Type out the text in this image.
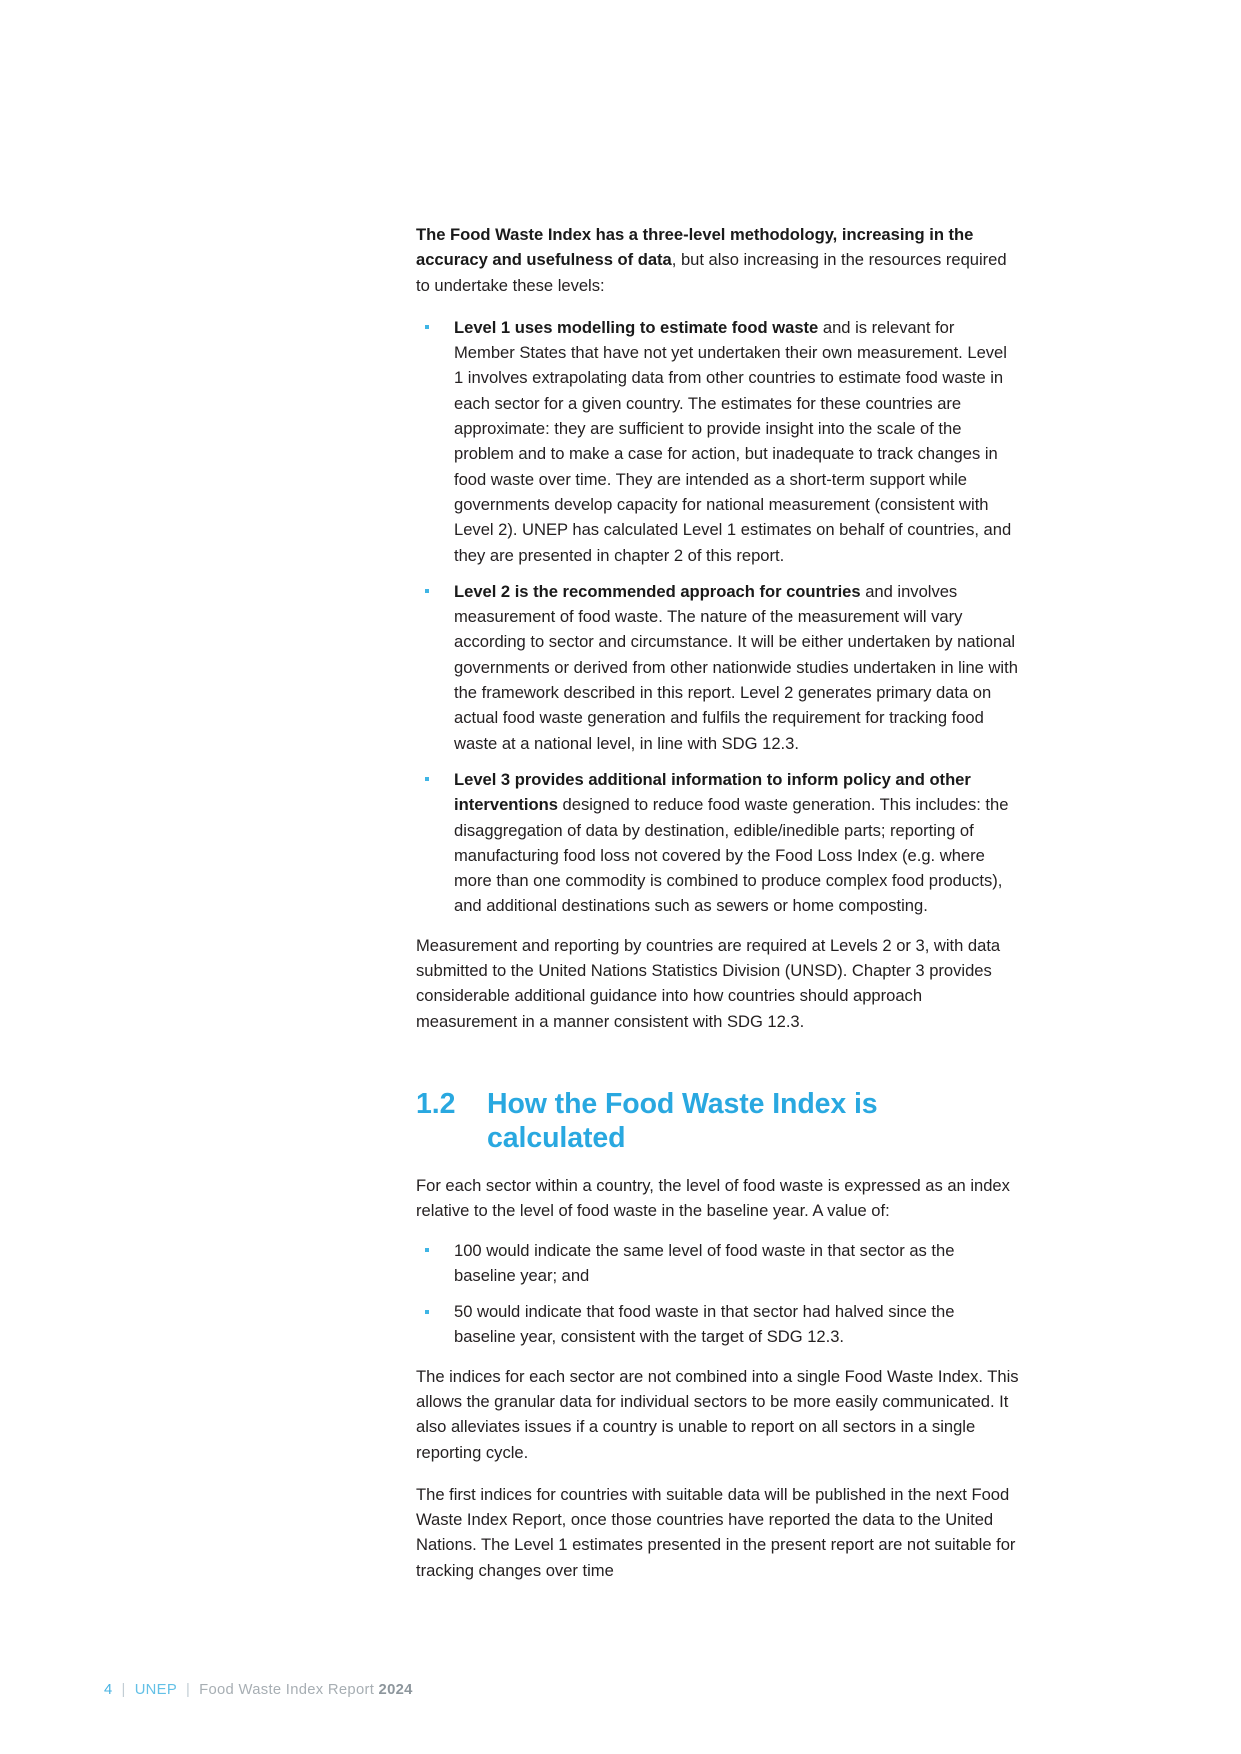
The Food Waste Index has a three-level methodology, increasing in the accuracy and usefulness of data, but also increasing in the resources required to undertake these levels:

Level 1 uses modelling to estimate food waste and is relevant for Member States that have not yet undertaken their own measurement. Level 1 involves extrapolating data from other countries to estimate food waste in each sector for a given country. The estimates for these countries are approximate: they are sufficient to provide insight into the scale of the problem and to make a case for action, but inadequate to track changes in food waste over time. They are intended as a short-term support while governments develop capacity for national measurement (consistent with Level 2). UNEP has calculated Level 1 estimates on behalf of countries, and they are presented in chapter 2 of this report.
Level 2 is the recommended approach for countries and involves measurement of food waste. The nature of the measurement will vary according to sector and circumstance. It will be either undertaken by national governments or derived from other nationwide studies undertaken in line with the framework described in this report. Level 2 generates primary data on actual food waste generation and fulfils the requirement for tracking food waste at a national level, in line with SDG 12.3.
Level 3 provides additional information to inform policy and other interventions designed to reduce food waste generation. This includes: the disaggregation of data by destination, edible/inedible parts; reporting of manufacturing food loss not covered by the Food Loss Index (e.g. where more than one commodity is combined to produce complex food products), and additional destinations such as sewers or home composting.

Measurement and reporting by countries are required at Levels 2 or 3, with data submitted to the United Nations Statistics Division (UNSD). Chapter 3 provides considerable additional guidance into how countries should approach measurement in a manner consistent with SDG 12.3.

1.2	How the Food Waste Index is calculated

For each sector within a country, the level of food waste is expressed as an index relative to the level of food waste in the baseline year. A value of:

100 would indicate the same level of food waste in that sector as the baseline year; and
50 would indicate that food waste in that sector had halved since the baseline year, consistent with the target of SDG 12.3.

The indices for each sector are not combined into a single Food Waste Index. This allows the granular data for individual sectors to be more easily communicated. It also alleviates issues if a country is unable to report on all sectors in a single reporting cycle.

The first indices for countries with suitable data will be published in the next Food Waste Index Report, once those countries have reported the data to the United Nations. The Level 1 estimates presented in the present report are not suitable for tracking changes over time

4 | UNEP | Food Waste Index Report 2024
